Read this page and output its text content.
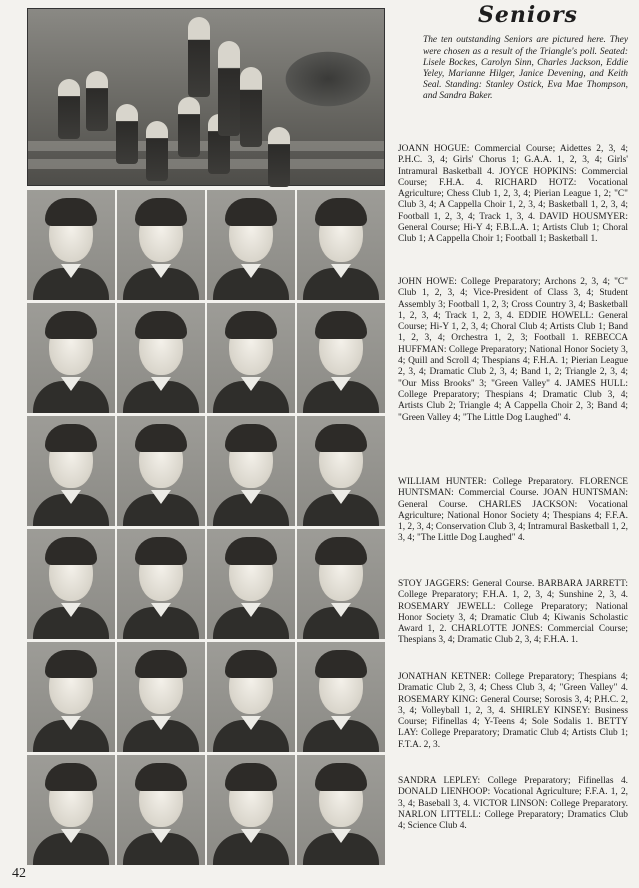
Seniors

The ten outstanding Seniors are pictured here. They were chosen as a result of the Triangle's poll. Seated: Lisele Bockes, Carolyn Sinn, Charles Jackson, Eddie Yeley, Marianne Hilger, Janice Devening, and Keith Seal. Standing: Stanley Ostick, Eva Mae Thompson, and Sandra Baker.

JOANN HOGUE: Commercial Course; Aidettes 2, 3, 4; P.H.C. 3, 4; Girls' Chorus 1; G.A.A. 1, 2, 3, 4; Girls' Intramural Basketball 4. JOYCE HOPKINS: Commercial Course; F.H.A. 4. RICHARD HOTZ: Vocational Agriculture; Chess Club 1, 2, 3, 4; Pierian League 1, 2; "C" Club 3, 4; A Cappella Choir 1, 2, 3, 4; Basketball 1, 2, 3, 4; Football 1, 2, 3, 4; Track 1, 3, 4. DAVID HOUSMYER: General Course; Hi-Y 4; F.B.L.A. 1; Artists Club 1; Choral Club 1; A Cappella Choir 1; Football 1; Basketball 1.

JOHN HOWE: College Preparatory; Archons 2, 3, 4; "C" Club 1, 2, 3, 4; Vice-President of Class 3, 4; Student Assembly 3; Football 1, 2, 3; Cross Country 3, 4; Basketball 1, 2, 3, 4; Track 1, 2, 3, 4. EDDIE HOWELL: General Course; Hi-Y 1, 2, 3, 4; Choral Club 4; Artists Club 1; Band 1, 2, 3, 4; Orchestra 1, 2, 3; Football 1. REBECCA HUFFMAN: College Preparatory; National Honor Society 3, 4; Quill and Scroll 4; Thespians 4; F.H.A. 1; Pierian League 2, 3, 4; Dramatic Club 2, 3, 4; Band 1, 2; Triangle 2, 3, 4; "Our Miss Brooks" 3; "Green Valley" 4. JAMES HULL: College Preparatory; Thespians 4; Dramatic Club 3, 4; Artists Club 2; Triangle 4; A Cappella Choir 2, 3; Band 4; "Green Valley 4; "The Little Dog Laughed" 4.

WILLIAM HUNTER: College Preparatory. FLORENCE HUNTSMAN: Commercial Course. JOAN HUNTSMAN: General Course. CHARLES JACKSON: Vocational Agriculture; National Honor Society 4; Thespians 4; F.F.A. 1, 2, 3, 4; Conservation Club 3, 4; Intramural Basketball 1, 2, 3, 4; "The Little Dog Laughed" 4.

STOY JAGGERS: General Course. BARBARA JARRETT: College Preparatory; F.H.A. 1, 2, 3, 4; Sunshine 2, 3, 4. ROSEMARY JEWELL: College Preparatory; National Honor Society 3, 4; Dramatic Club 4; Kiwanis Scholastic Award 1, 2. CHARLOTTE JONES: Commercial Course; Thespians 3, 4; Dramatic Club 2, 3, 4; F.H.A. 1.

JONATHAN KETNER: College Preparatory; Thespians 4; Dramatic Club 2, 3, 4; Chess Club 3, 4; "Green Valley" 4. ROSEMARY KING: General Course; Sorosis 3, 4; P.H.C. 2, 3, 4; Volleyball 1, 2, 3, 4. SHIRLEY KINSEY: Business Course; Fifinellas 4; Y-Teens 4; Sole Sodalis 1. BETTY LAY: College Preparatory; Dramatic Club 4; Artists Club 1; F.T.A. 2, 3.

SANDRA LEPLEY: College Preparatory; Fifinellas 4. DONALD LIENHOOP: Vocational Agriculture; F.F.A. 1, 2, 3, 4; Baseball 3, 4. VICTOR LINSON: College Preparatory. NARLON LITTELL: College Preparatory; Dramatics Club 4; Science Club 4.

42
